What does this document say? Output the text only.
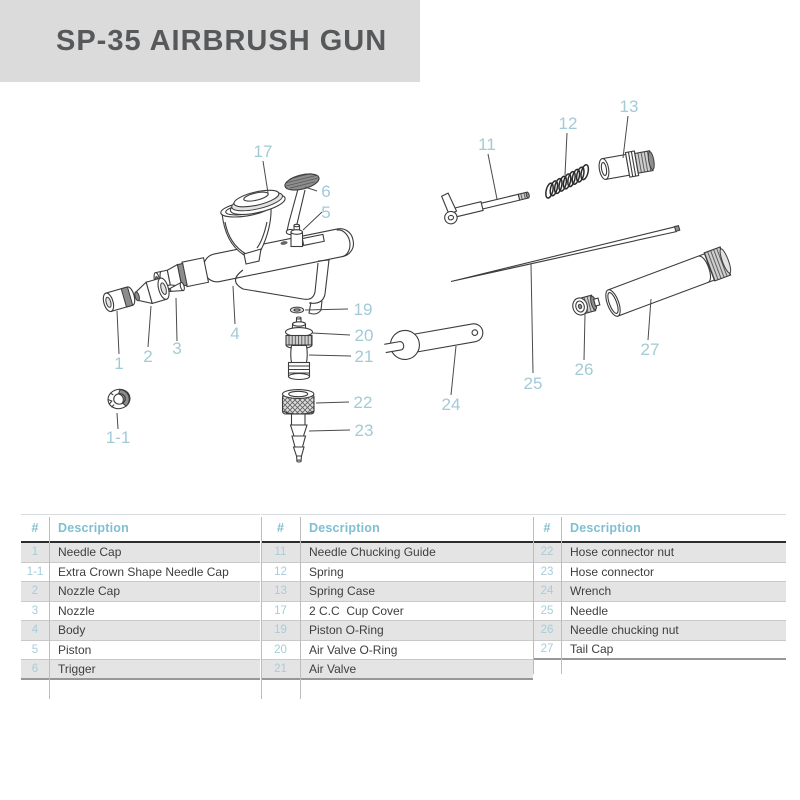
SP-35 AIRBRUSH GUN
17
6
5
4
1 2 3
1-1
11
12
13
19
20
21
22
23
24
25
26
27
#	Description
1	Needle Cap
1-1	Extra Crown Shape Needle Cap
2	Nozzle Cap
3	Nozzle
4	Body
5	Piston
6	Trigger
#	Description
11	Needle Chucking Guide
12	Spring
13	Spring Case
17	2 C.C  Cup Cover
19	Piston O-Ring
20	Air Valve O-Ring
21	Air Valve
#	Description
22	Hose connector nut
23	Hose connector
24	Wrench
25	Needle
26	Needle chucking nut
27	Tail Cap
